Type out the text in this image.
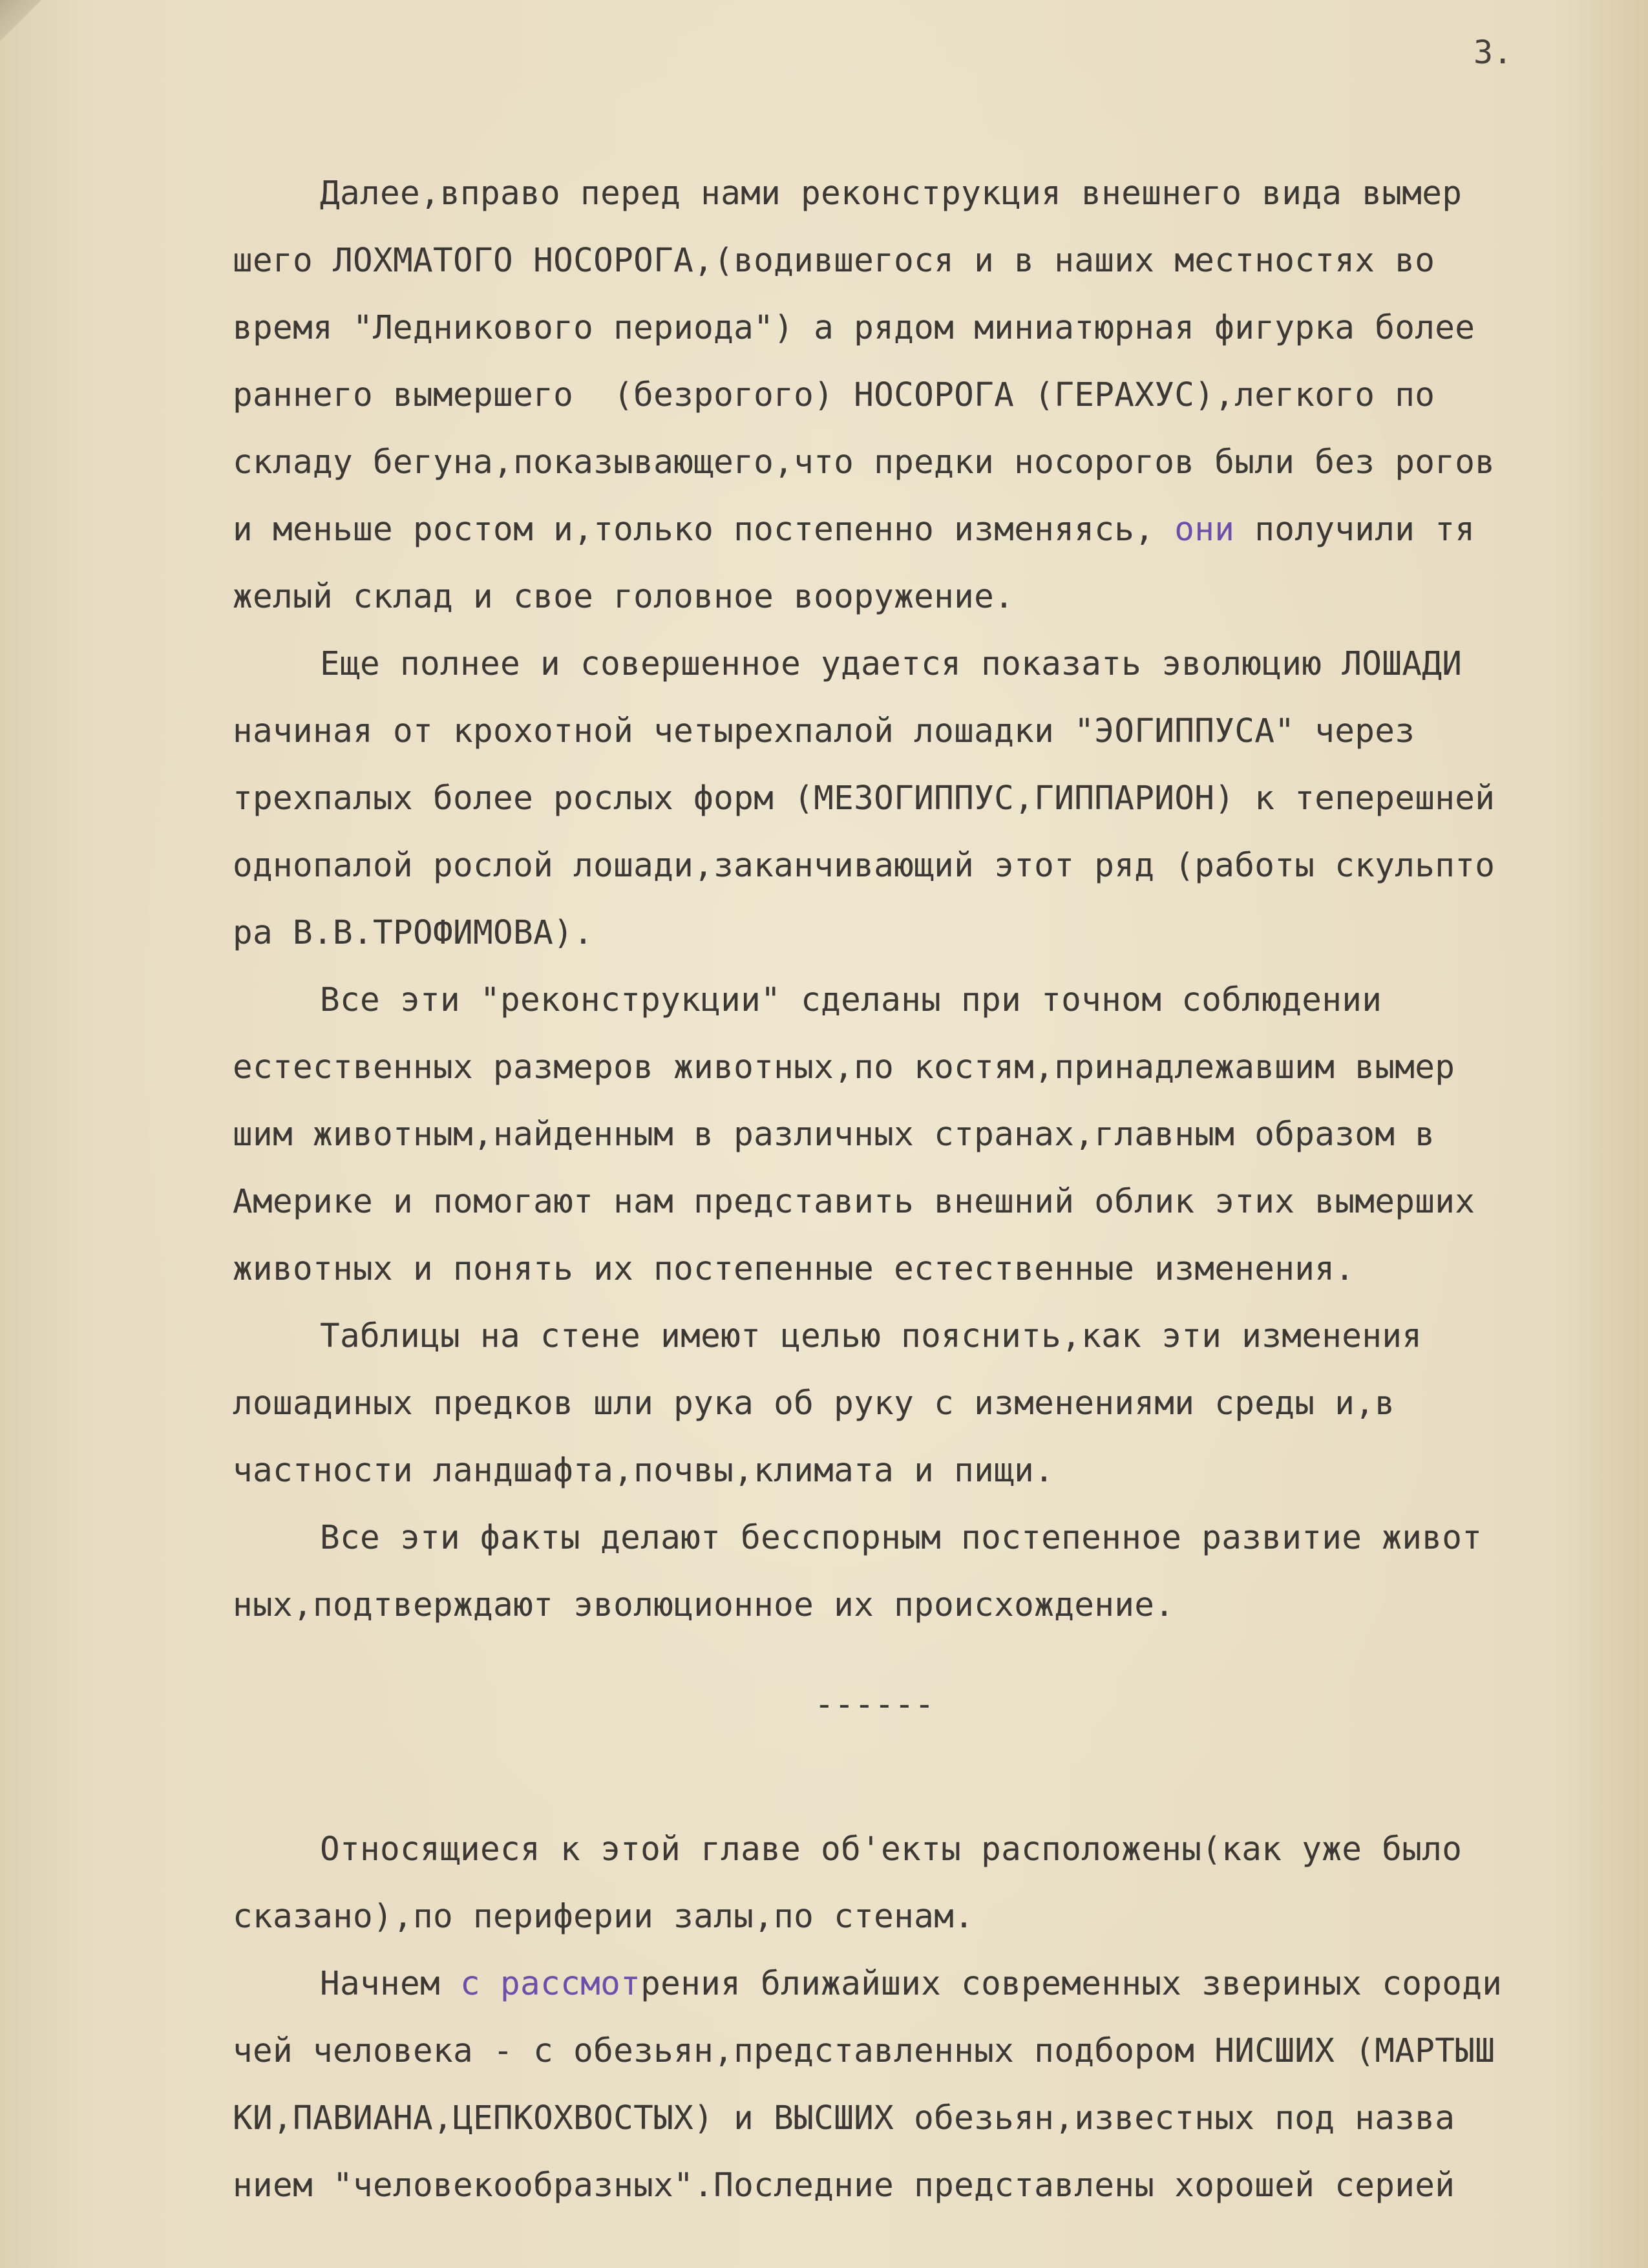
3.

Далее,вправо перед нами реконструкция внешнего вида вымер

шего ЛОХМАТОГО НОСОРОГА,(водившегося и в наших местностях во

время "Ледникового периода") а рядом миниатюрная фигурка более

раннего вымершего  (безрогого) НОСОРОГА (ГЕРАХУС),легкого по

складу бегуна,показывающего,что предки носорогов были без рогов

и меньше ростом и,только постепенно изменяясь, они получили тя

желый склад и свое головное вооружение.

Еще полнее и совершенное удается показать эволюцию ЛОШАДИ

начиная от крохотной четырехпалой лошадки "ЭОГИППУСА" через

трехпалых более рослых форм (МЕЗОГИППУС,ГИППАРИОН) к теперешней

однопалой рослой лошади,заканчивающий этот ряд (работы скульпто

ра В.В.ТРОФИМОВА).

Все эти "реконструкции" сделаны при точном соблюдении

естественных размеров животных,по костям,принадлежавшим вымер

шим животным,найденным в различных странах,главным образом в

Америке и помогают нам представить внешний облик этих вымерших

животных и понять их постепенные естественные изменения.

Таблицы на стене имеют целью пояснить,как эти изменения

лошадиных предков шли рука об руку с изменениями среды и,в

частности ландшафта,почвы,климата и пищи.

Все эти факты делают бесспорным постепенное развитие живот

ных,подтверждают эволюционное их происхождение.

------

Относящиеся к этой главе об'екты расположены(как уже было

сказано),по периферии залы,по стенам.

Начнем с рассмотрения ближайших современных звериных сороди

чей человека - с обезьян,представленных подбором НИСШИХ (МАРТЫШ

КИ,ПАВИАНА,ЦЕПКОХВОСТЫХ) и ВЫСШИХ обезьян,известных под назва

нием "человекообразных".Последние представлены хорошей серией
